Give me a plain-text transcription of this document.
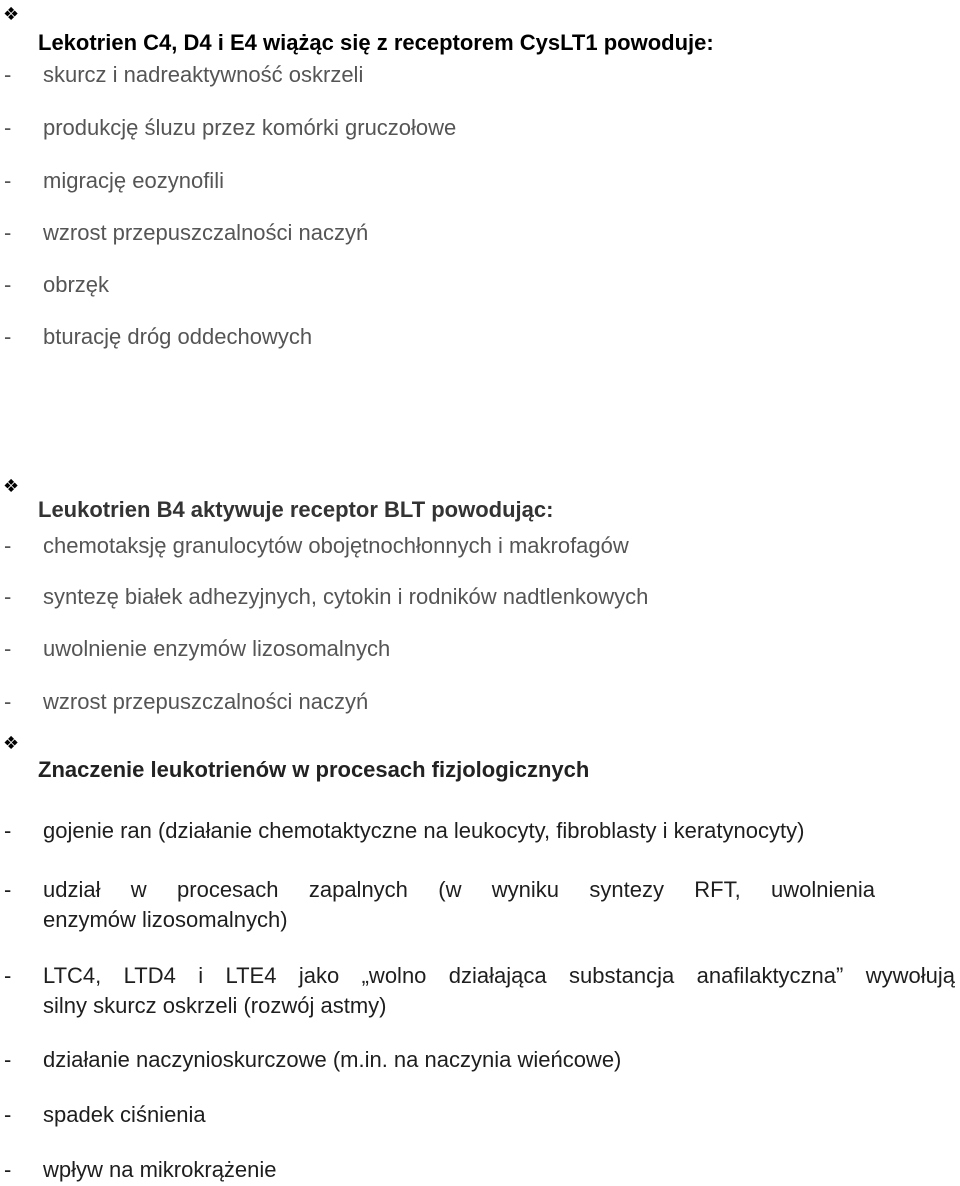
❖
Lekotrien C4, D4 i E4 wiążąc się z receptorem CysLT1 powoduje:
-	skurcz i nadreaktywność oskrzeli
-	produkcję śluzu przez komórki gruczołowe
-	migrację eozynofili
-	wzrost przepuszczalności naczyń
-	obrzęk
-	bturację dróg oddechowych
❖
Leukotrien B4 aktywuje receptor BLT powodując:
-	chemotaksję granulocytów obojętnochłonnych i makrofagów
-	syntezę białek adhezyjnych, cytokin i rodników nadtlenkowych
-	uwolnienie enzymów lizosomalnych
-	wzrost przepuszczalności naczyń
❖
Znaczenie leukotrienów w procesach fizjologicznych
-	gojenie ran (działanie chemotaktyczne na leukocyty, fibroblasty i keratynocyty)
-	udział w procesach zapalnych (w wyniku syntezy RFT, uwolnienia
enzymów lizosomalnych)
-	LTC4, LTD4 i LTE4 jako „wolno działająca substancja anafilaktyczna” wywołują
silny skurcz oskrzeli (rozwój astmy)
-	działanie naczynioskurczowe (m.in. na naczynia wieńcowe)
-	spadek ciśnienia
-	wpływ na mikrokrążenie
